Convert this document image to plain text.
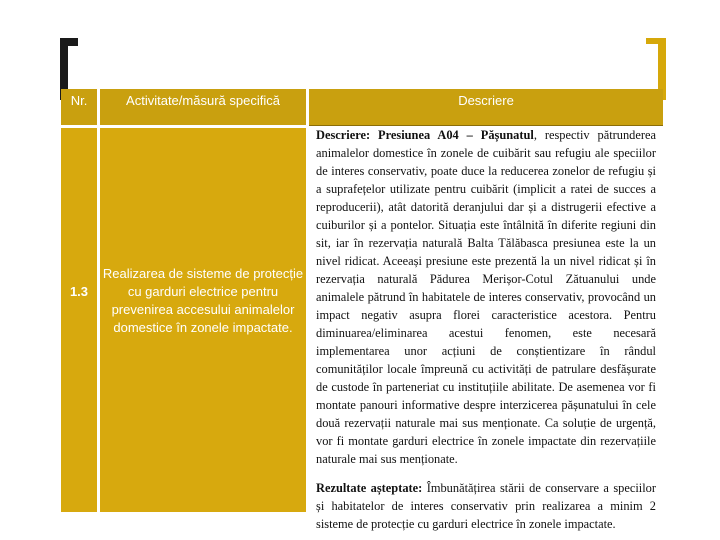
Nr.	Activitate/măsură specifică	Descriere
1.3
Realizarea de sisteme de protecție cu garduri electrice pentru prevenirea accesului animalelor domestice în zonele impactate.

Descriere: Presiunea A04 – Pășunatul, respectiv pătrunderea animalelor domestice în zonele de cuibărit sau refugiu ale speciilor de interes conservativ, poate duce la reducerea zonelor de refugiu și a suprafețelor utilizate pentru cuibărit (implicit a ratei de succes a reproducerii), atât datorită deranjului dar și a distrugerii efective a cuiburilor și a pontelor. Situația este întâlnită în diferite regiuni din sit, iar în rezervația naturală Balta Tălăbasca presiunea este la un nivel ridicat. Aceeași presiune este prezentă la un nivel ridicat și în rezervația naturală Pădurea Merișor-Cotul Zătuanului unde animalele pătrund în habitatele de interes conservativ, provocând un impact negativ asupra florei caracteristice acestora. Pentru diminuarea/eliminarea acestui fenomen, este necesară implementarea unor acțiuni de conștientizare în rândul comunităților locale împreună cu activități de patrulare desfășurate de custode în parteneriat cu instituțiile abilitate. De asemenea vor fi montate panouri informative despre interzicerea pășunatului în cele două rezervații naturale mai sus menționate. Ca soluție de urgență, vor fi montate garduri electrice în zonele impactate din rezervațiile naturale mai sus menționate.

Rezultate așteptate: Îmbunătățirea stării de conservare a speciilor și habitatelor de interes conservativ prin realizarea a minim 2 sisteme de protecție cu garduri electrice în zonele impactate.
